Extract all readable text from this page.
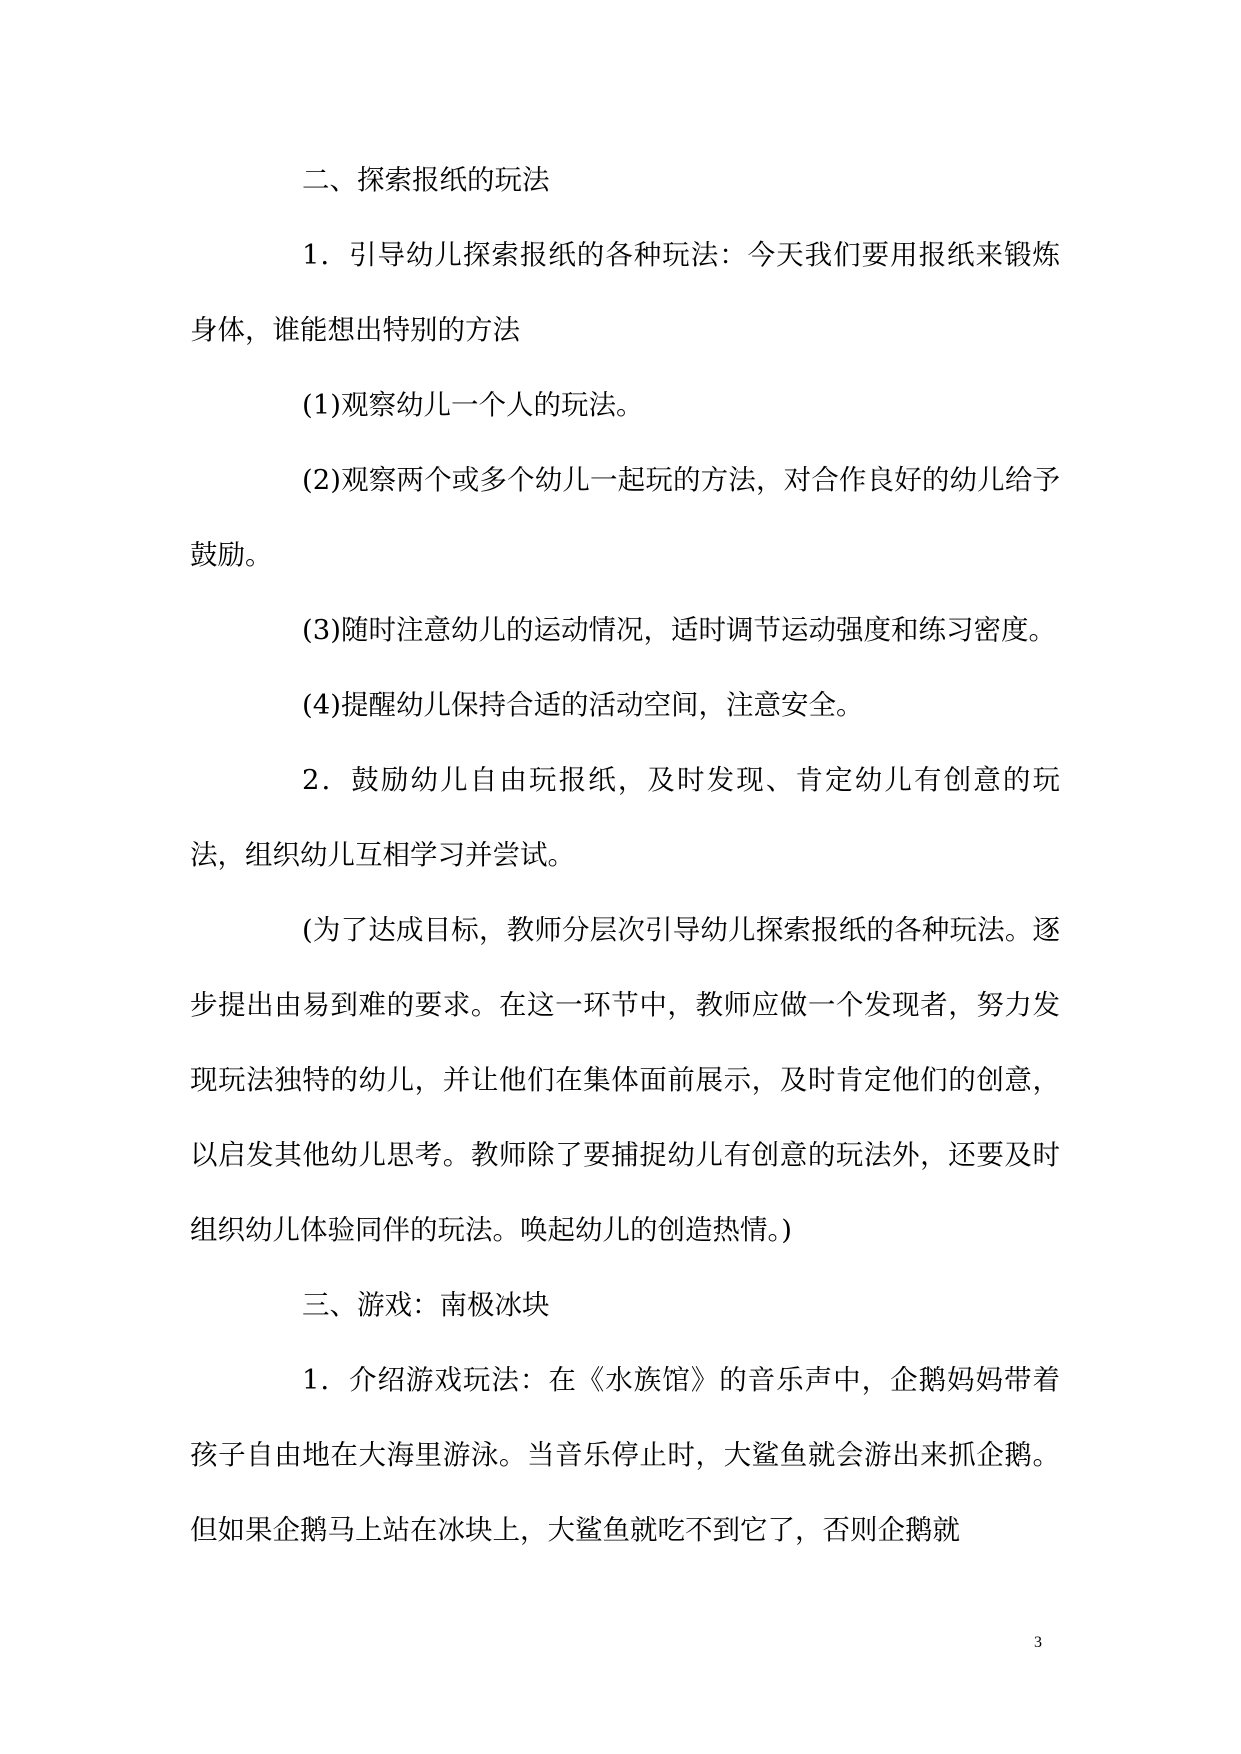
二、探索报纸的玩法

1．引导幼儿探索报纸的各种玩法：今天我们要用报纸来锻炼身体，谁能想出特别的方法

(1)观察幼儿一个人的玩法。

(2)观察两个或多个幼儿一起玩的方法，对合作良好的幼儿给予鼓励。

(3)随时注意幼儿的运动情况，适时调节运动强度和练习密度。

(4)提醒幼儿保持合适的活动空间，注意安全。

2．鼓励幼儿自由玩报纸，及时发现、肯定幼儿有创意的玩法，组织幼儿互相学习并尝试。

(为了达成目标，教师分层次引导幼儿探索报纸的各种玩法。逐步提出由易到难的要求。在这一环节中，教师应做一个发现者，努力发现玩法独特的幼儿，并让他们在集体面前展示，及时肯定他们的创意，以启发其他幼儿思考。教师除了要捕捉幼儿有创意的玩法外，还要及时组织幼儿体验同伴的玩法。唤起幼儿的创造热情。)

三、游戏：南极冰块

1．介绍游戏玩法：在《水族馆》的音乐声中，企鹅妈妈带着孩子自由地在大海里游泳。当音乐停止时，大鲨鱼就会游出来抓企鹅。但如果企鹅马上站在冰块上，大鲨鱼就吃不到它了，否则企鹅就

3
